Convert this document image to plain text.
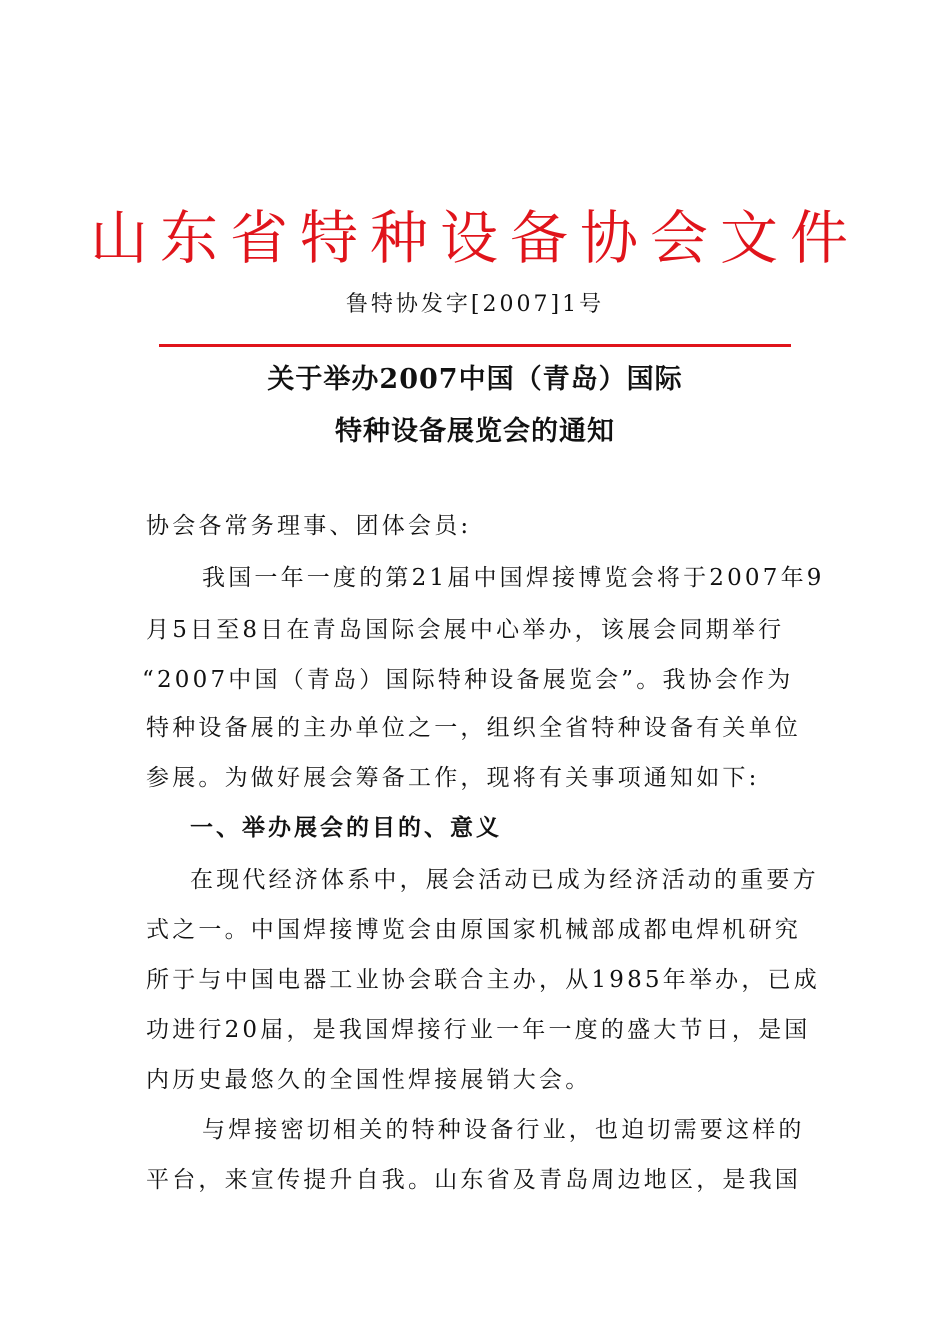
山东省特种设备协会文件
鲁特协发字[2007]1号
关于举办2007中国（青岛）国际
特种设备展览会的通知
协会各常务理事、团体会员:
我国一年一度的第21届中国焊接博览会将于2007年9
月5日至8日在青岛国际会展中心举办，该展会同期举行
“2007中国（青岛）国际特种设备展览会”。我协会作为
特种设备展的主办单位之一，组织全省特种设备有关单位
参展。为做好展会筹备工作，现将有关事项通知如下:
一、举办展会的目的、意义
在现代经济体系中，展会活动已成为经济活动的重要方
式之一。中国焊接博览会由原国家机械部成都电焊机研究
所于与中国电器工业协会联合主办，从1985年举办，已成
功进行20届，是我国焊接行业一年一度的盛大节日，是国
内历史最悠久的全国性焊接展销大会。
与焊接密切相关的特种设备行业，也迫切需要这样的
平台，来宣传提升自我。山东省及青岛周边地区，是我国
